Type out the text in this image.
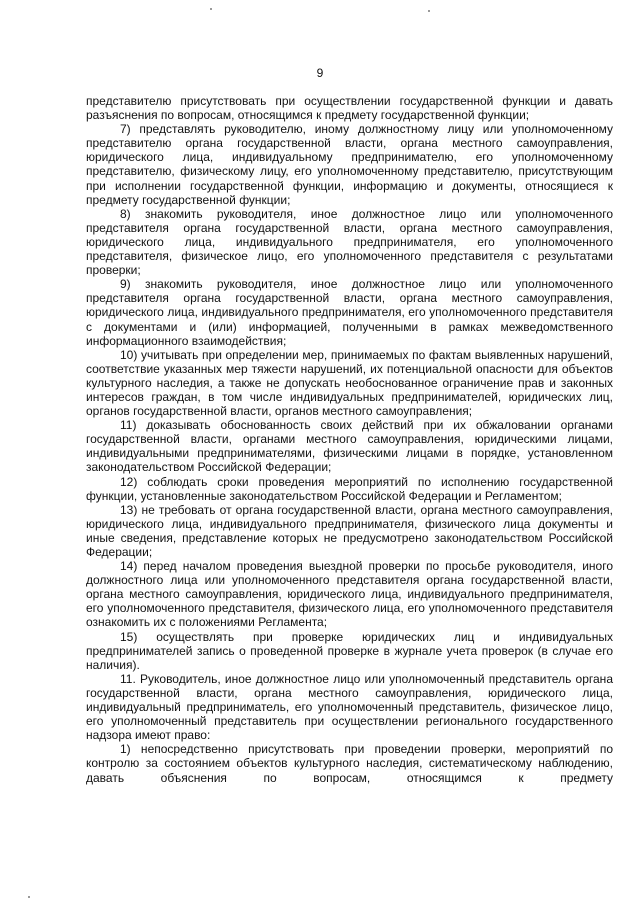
9

представителю присутствовать при осуществлении государственной функции и давать разъяснения по вопросам, относящимся к предмету государственной функции;

7) представлять руководителю, иному должностному лицу или уполномоченному представителю органа государственной власти, органа местного самоуправления, юридического лица, индивидуальному предпринимателю, его уполномоченному представителю, физическому лицу, его уполномоченному представителю, присутствующим при исполнении государственной функции, информацию и документы, относящиеся к предмету государственной функции;

8) знакомить руководителя, иное должностное лицо или уполномоченного представителя органа государственной власти, органа местного самоуправления, юридического лица, индивидуального предпринимателя, его уполномоченного представителя, физическое лицо, его уполномоченного представителя с результатами проверки;

9) знакомить руководителя, иное должностное лицо или уполномоченного представителя органа государственной власти, органа местного самоуправления, юридического лица, индивидуального предпринимателя, его уполномоченного представителя с документами и (или) информацией, полученными в рамках межведомственного информационного взаимодействия;

10) учитывать при определении мер, принимаемых по фактам выявленных нарушений, соответствие указанных мер тяжести нарушений, их потенциальной опасности для объектов культурного наследия, а также не допускать необоснованное ограничение прав и законных интересов граждан, в том числе индивидуальных предпринимателей, юридических лиц, органов государственной власти, органов местного самоуправления;

11) доказывать обоснованность своих действий при их обжаловании органами государственной власти, органами местного самоуправления, юридическими лицами, индивидуальными предпринимателями, физическими лицами в порядке, установленном законодательством Российской Федерации;

12) соблюдать сроки проведения мероприятий по исполнению государственной функции, установленные законодательством Российской Федерации и Регламентом;

13) не требовать от органа государственной власти, органа местного самоуправления, юридического лица, индивидуального предпринимателя, физического лица документы и иные сведения, представление которых не предусмотрено законодательством Российской Федерации;

14) перед началом проведения выездной проверки по просьбе руководителя, иного должностного лица или уполномоченного представителя органа государственной власти, органа местного самоуправления, юридического лица, индивидуального предпринимателя, его уполномоченного представителя, физического лица, его уполномоченного представителя ознакомить их с положениями Регламента;

15) осуществлять при проверке юридических лиц и индивидуальных предпринимателей запись о проведенной проверке в журнале учета проверок (в случае его наличия).

11. Руководитель, иное должностное лицо или уполномоченный представитель органа государственной власти, органа местного самоуправления, юридического лица, индивидуальный предприниматель, его уполномоченный представитель, физическое лицо, его уполномоченный представитель при осуществлении регионального государственного надзора имеют право:

1) непосредственно присутствовать при проведении проверки, мероприятий по контролю за состоянием объектов культурного наследия, систематическому наблюдению, давать объяснения по вопросам, относящимся к предмету
